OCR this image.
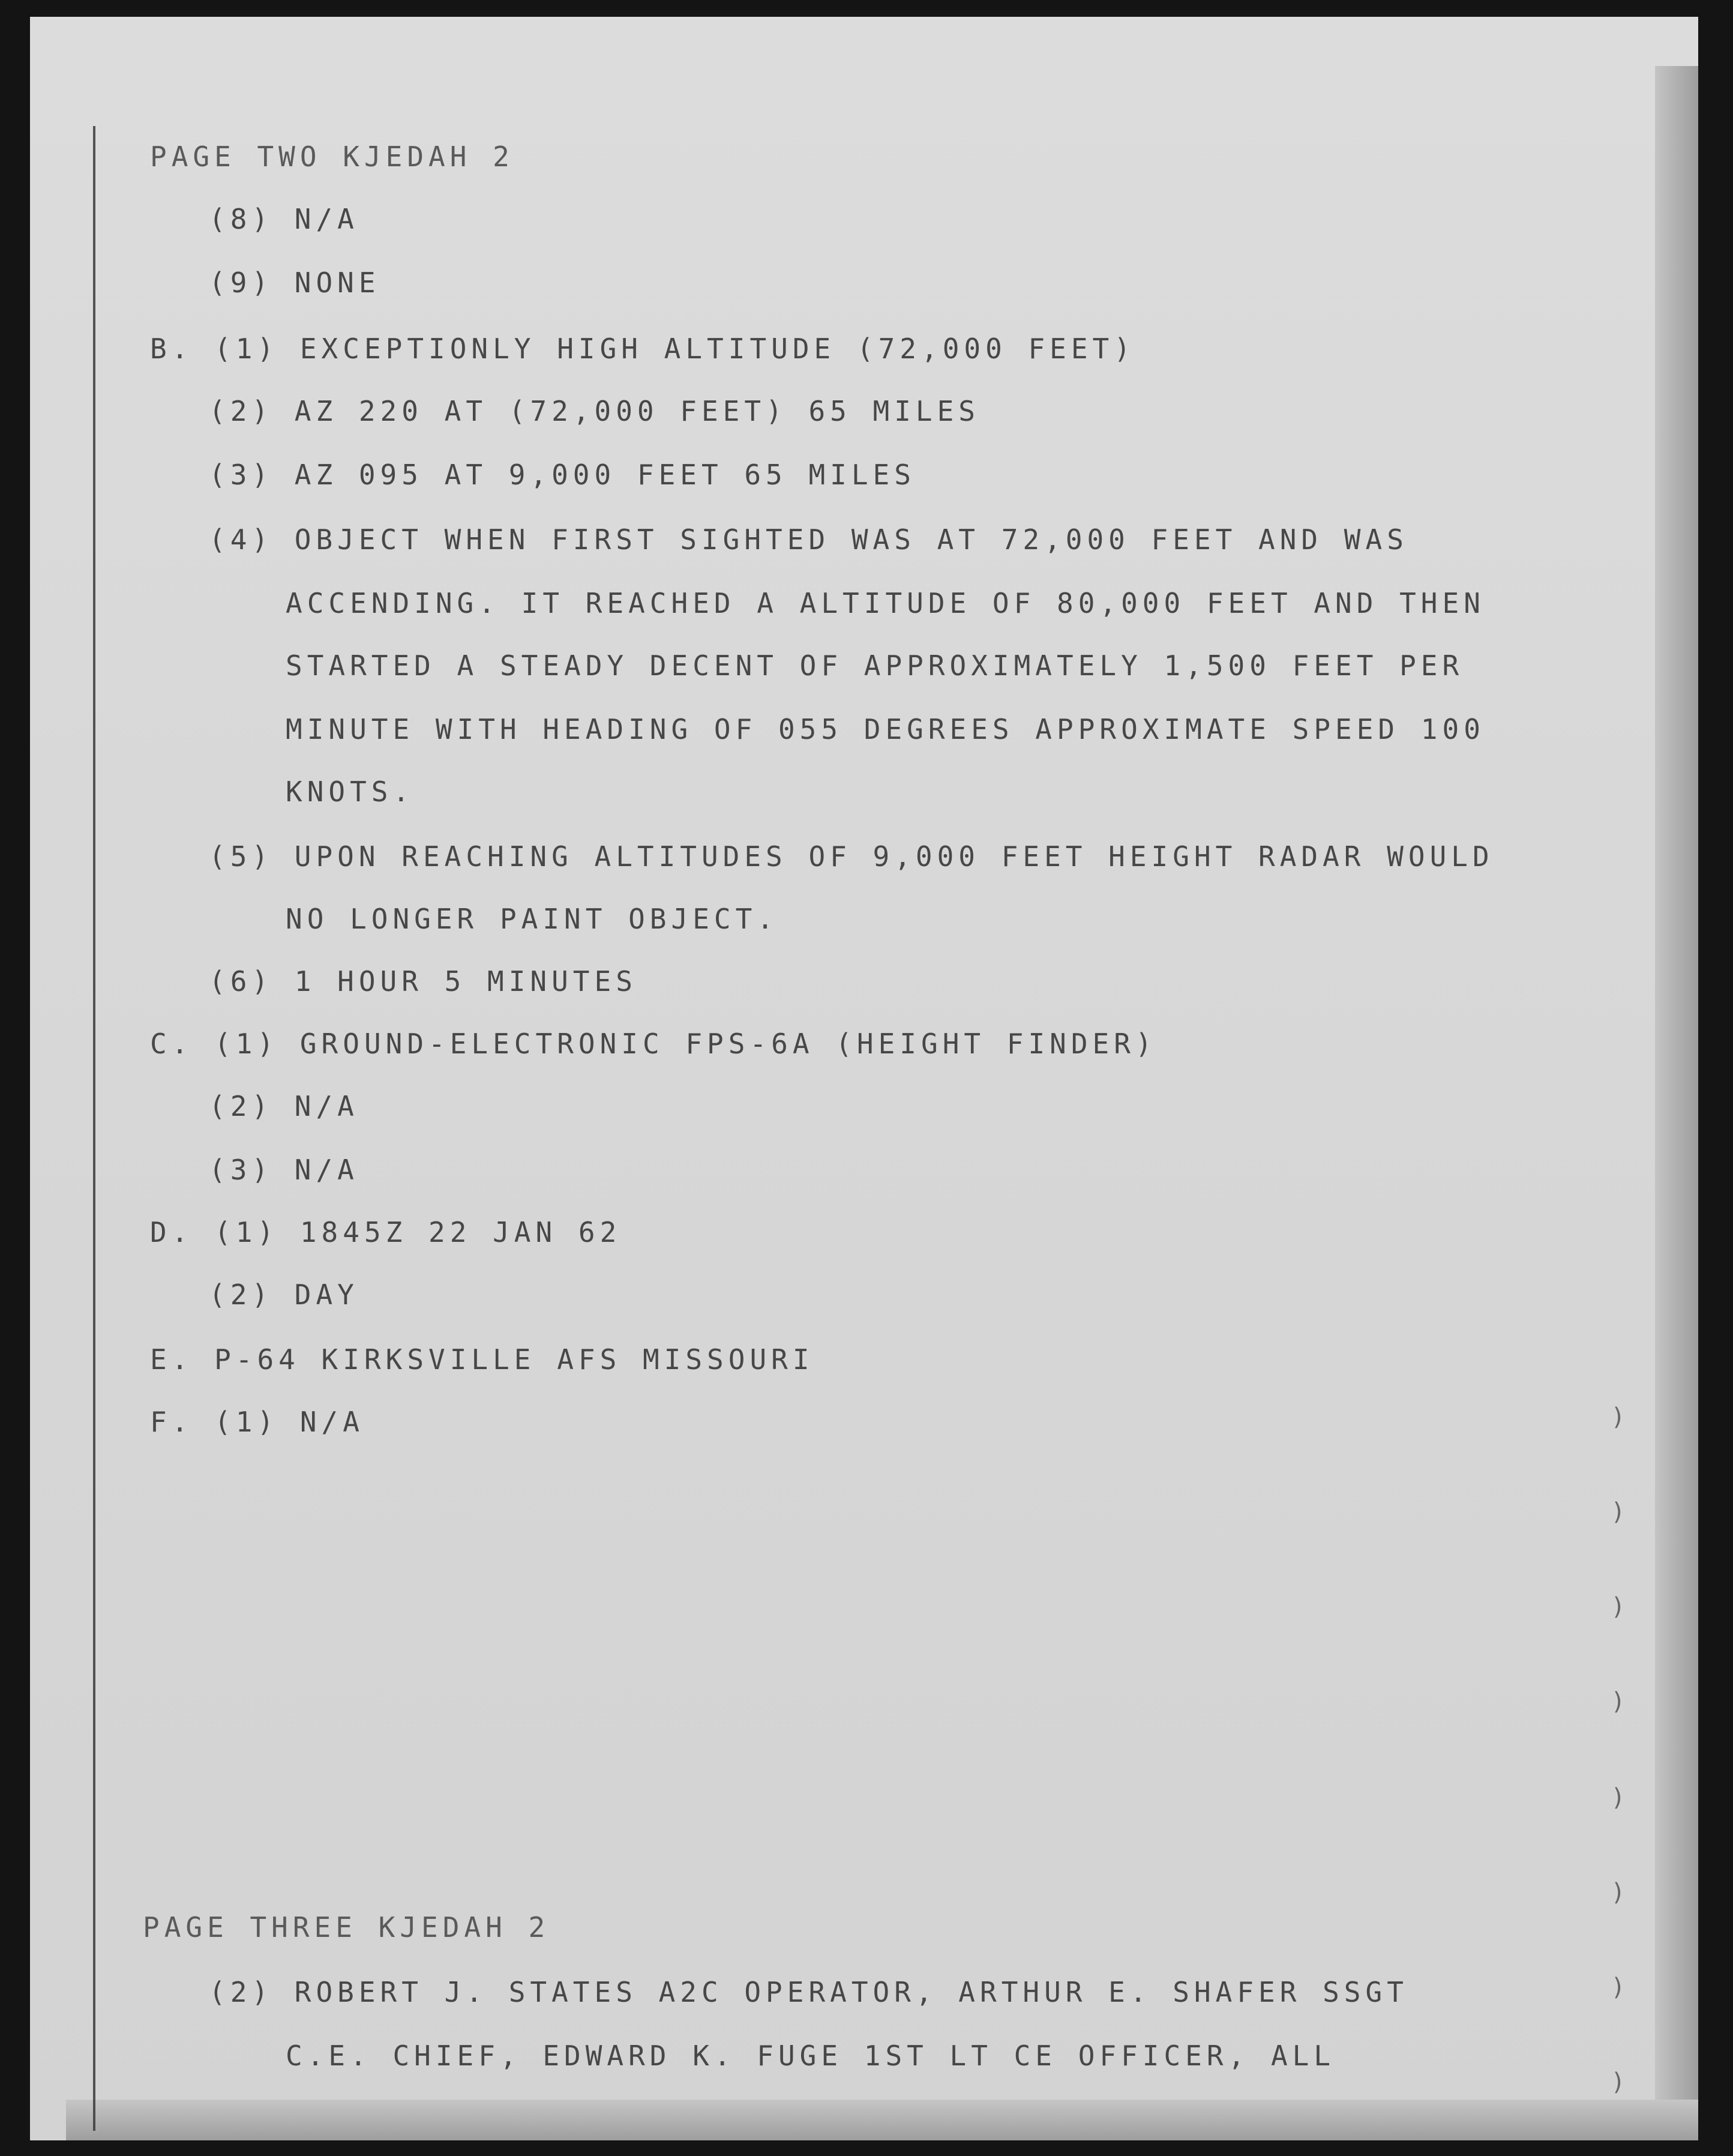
PAGE TWO KJEDAH 2

(8) N/A

(9) NONE

B. (1) EXCEPTIONLY HIGH ALTITUDE (72,000 FEET)

(2) AZ 220 AT (72,000 FEET) 65 MILES

(3) AZ 095 AT 9,000 FEET 65 MILES

(4) OBJECT WHEN FIRST SIGHTED WAS AT 72,000 FEET AND WAS

ACCENDING. IT REACHED A ALTITUDE OF 80,000 FEET AND THEN

STARTED A STEADY DECENT OF APPROXIMATELY 1,500 FEET PER

MINUTE WITH HEADING OF 055 DEGREES APPROXIMATE SPEED 100

KNOTS.

(5) UPON REACHING ALTITUDES OF 9,000 FEET HEIGHT RADAR WOULD

NO LONGER PAINT OBJECT.

(6) 1 HOUR 5 MINUTES

C. (1) GROUND-ELECTRONIC FPS-6A (HEIGHT FINDER)

(2) N/A

(3) N/A

D. (1) 1845Z 22 JAN 62

(2) DAY

E. P-64 KIRKSVILLE AFS MISSOURI

F. (1) N/A

PAGE THREE KJEDAH 2

(2) ROBERT J. STATES A2C OPERATOR, ARTHUR E. SHAFER SSGT

C.E. CHIEF, EDWARD K. FUGE 1ST LT CE OFFICER, ALL

)
)
)
)
)
)
)
)
